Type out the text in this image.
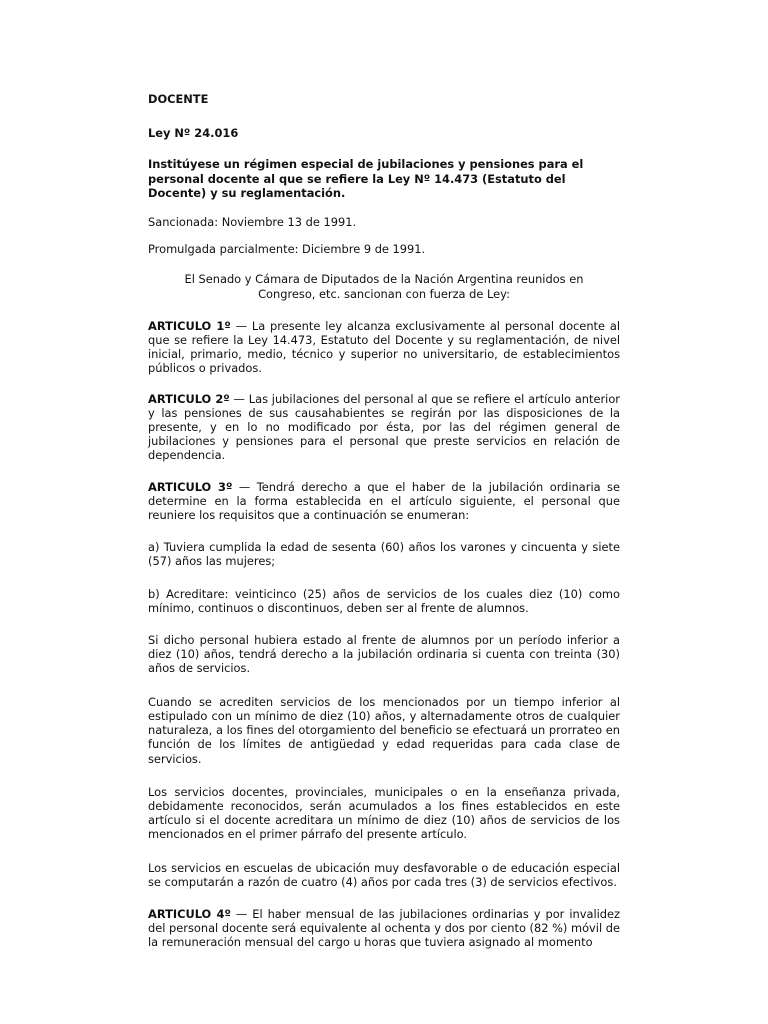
DOCENTE

Ley Nº 24.016

Institúyese un régimen especial de jubilaciones y pensiones para el personal docente al que se refiere la Ley Nº 14.473 (Estatuto del Docente) y su reglamentación.

Sancionada: Noviembre 13 de 1991.

Promulgada parcialmente: Diciembre 9 de 1991.

El Senado y Cámara de Diputados de la Nación Argentina reunidos en Congreso, etc. sancionan con fuerza de Ley:

ARTICULO 1º — La presente ley alcanza exclusivamente al personal docente al que se refiere la Ley 14.473, Estatuto del Docente y su reglamentación, de nivel inicial, primario, medio, técnico y superior no universitario, de establecimientos públicos o privados.

ARTICULO 2º — Las jubilaciones del personal al que se refiere el artículo anterior y las pensiones de sus causahabientes se regirán por las disposiciones de la presente, y en lo no modificado por ésta, por las del régimen general de jubilaciones y pensiones para el personal que preste servicios en relación de dependencia.

ARTICULO 3º — Tendrá derecho a que el haber de la jubilación ordinaria se determine en la forma establecida en el artículo siguiente, el personal que reuniere los requisitos que a continuación se enumeran:

a) Tuviera cumplida la edad de sesenta (60) años los varones y cincuenta y siete (57) años las mujeres;

b) Acreditare: veinticinco (25) años de servicios de los cuales diez (10) como mínimo, continuos o discontinuos, deben ser al frente de alumnos.

Si dicho personal hubiera estado al frente de alumnos por un período inferior a diez (10) años, tendrá derecho a la jubilación ordinaria si cuenta con treinta (30) años de servicios.

Cuando se acrediten servicios de los mencionados por un tiempo inferior al estipulado con un mínimo de diez (10) años, y alternadamente otros de cualquier naturaleza, a los fines del otorgamiento del beneficio se efectuará un prorrateo en función de los límites de antigüedad y edad requeridas para cada clase de servicios.

Los servicios docentes, provinciales, municipales o en la enseñanza privada, debidamente reconocidos, serán acumulados a los fines establecidos en este artículo si el docente acreditara un mínimo de diez (10) años de servicios de los mencionados en el primer párrafo del presente artículo.

Los servicios en escuelas de ubicación muy desfavorable o de educación especial se computarán a razón de cuatro (4) años por cada tres (3) de servicios efectivos.

ARTICULO 4º — El haber mensual de las jubilaciones ordinarias y por invalidez del personal docente será equivalente al ochenta y dos por ciento (82 %) móvil de la remuneración mensual del cargo u horas que tuviera asignado al momento
